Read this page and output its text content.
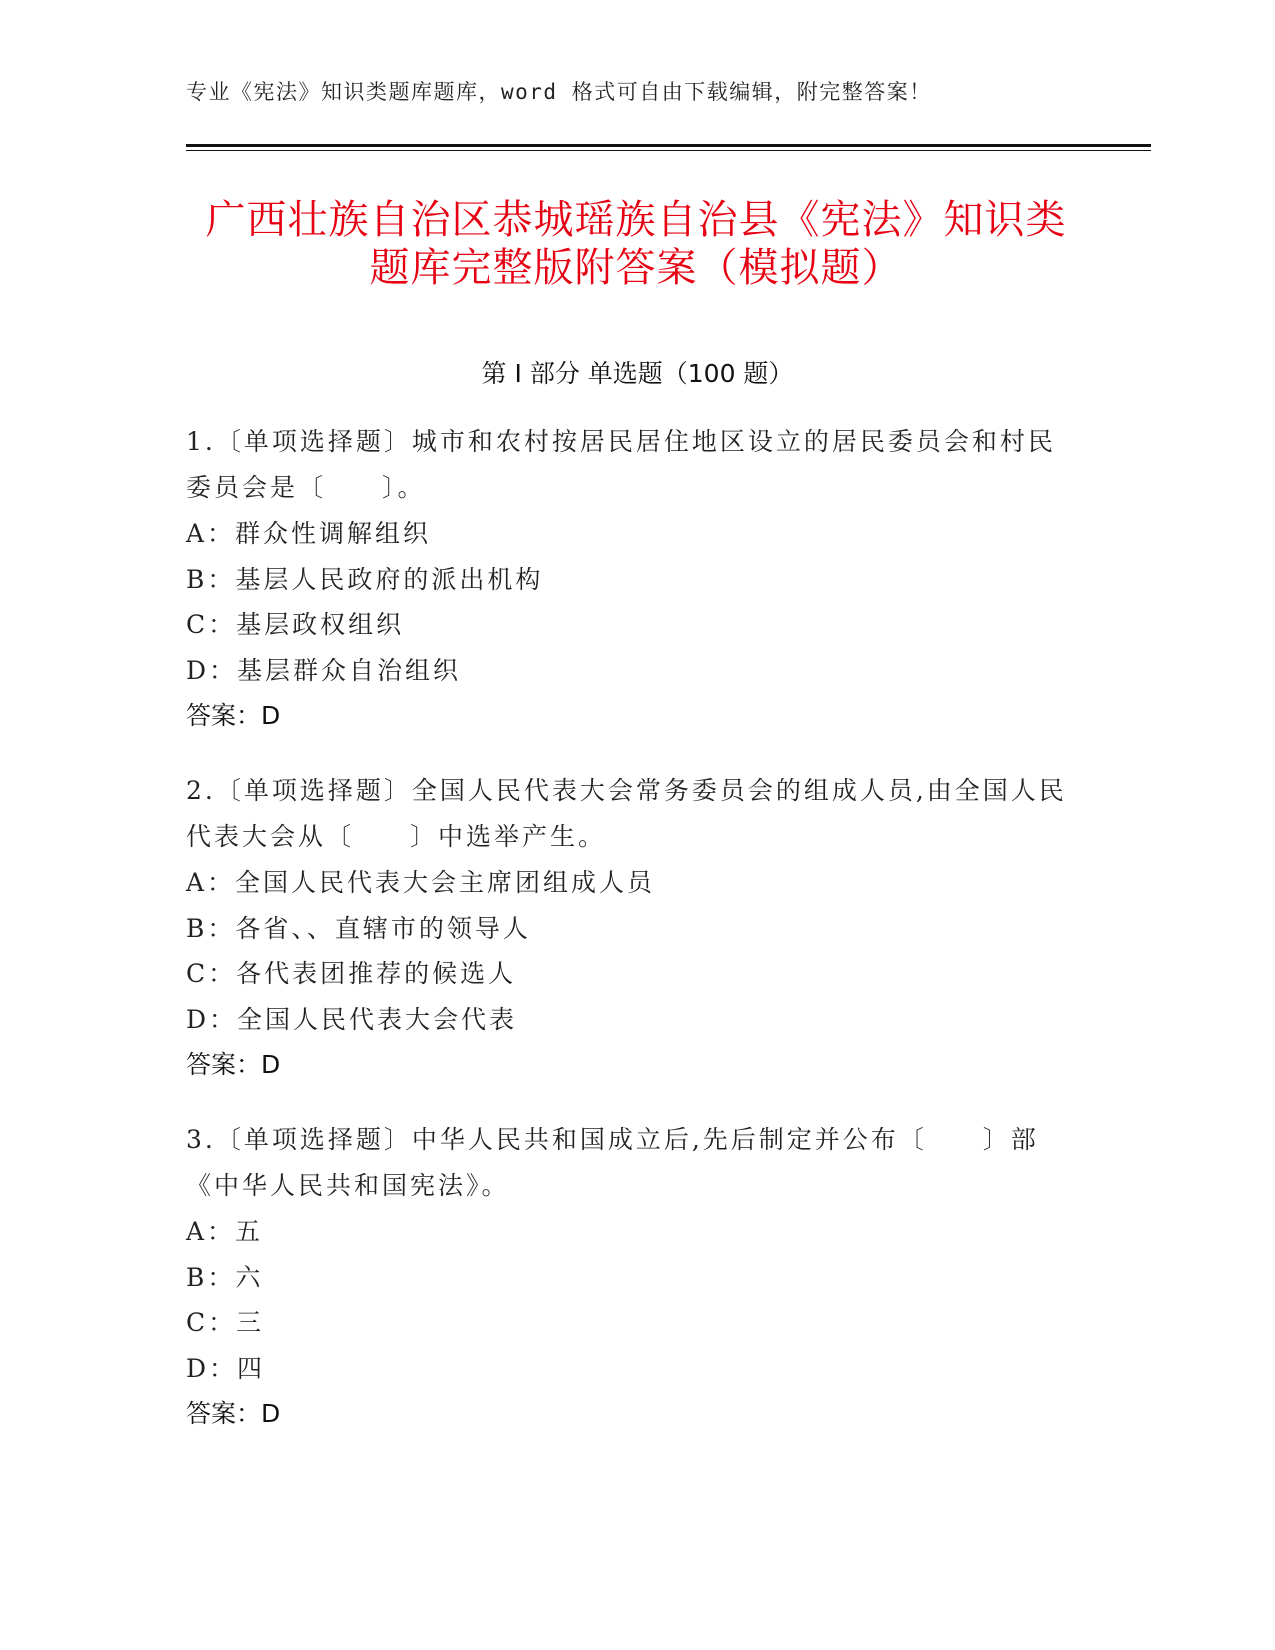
专业《宪法》知识类题库题库，word 格式可自由下载编辑，附完整答案！
广西壮族自治区恭城瑶族自治县《宪法》知识类题库完整版附答案（模拟题）
第 I 部分 单选题（100 题）

1.〔单项选择题〕城市和农村按居民居住地区设立的居民委员会和村民委员会是〔　　〕。

A：群众性调解组织

B：基层人民政府的派出机构

C：基层政权组织

D：基层群众自治组织

答案：D

2.〔单项选择题〕全国人民代表大会常务委员会的组成人员,由全国人民代表大会从〔　　〕中选举产生。

A：全国人民代表大会主席团组成人员

B：各省、、直辖市的领导人

C：各代表团推荐的候选人

D：全国人民代表大会代表

答案：D

3.〔单项选择题〕中华人民共和国成立后,先后制定并公布〔　　〕部《中华人民共和国宪法》。

A：五

B：六

C：三

D：四

答案：D
